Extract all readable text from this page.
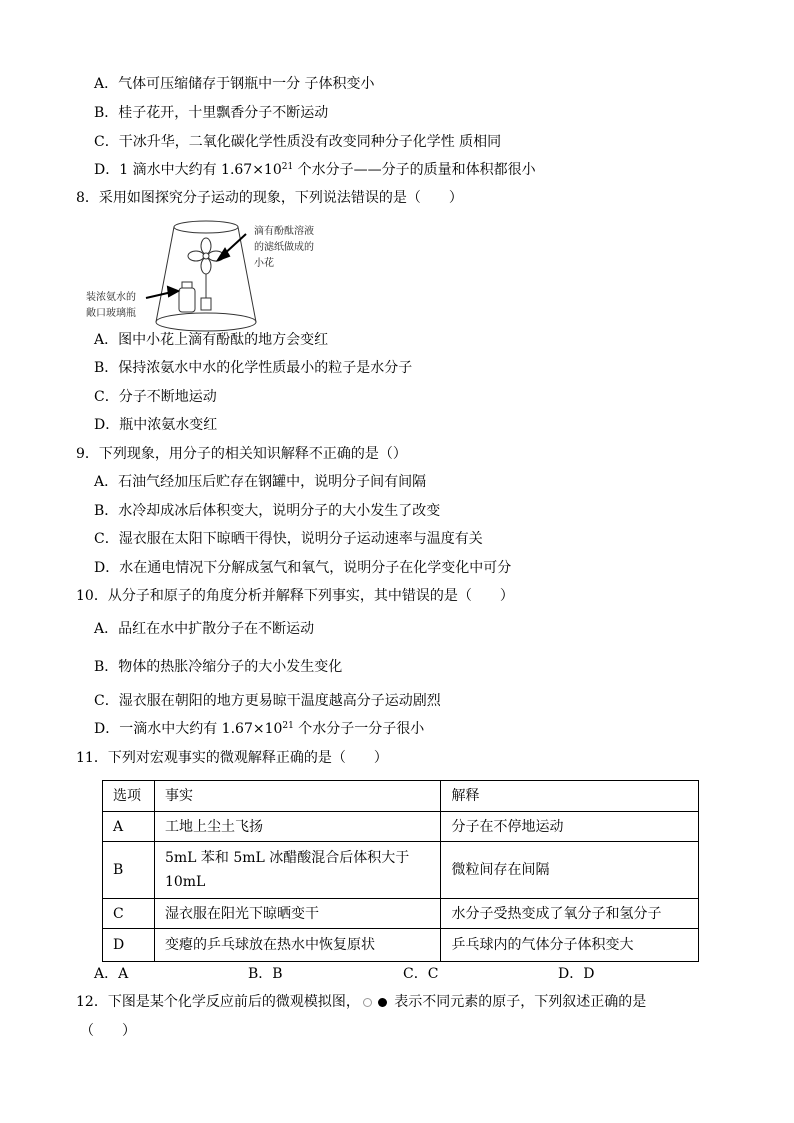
A．气体可压缩储存于钢瓶中一分 子体积变小
B．桂子花开，十里飘香分子不断运动
C．干冰升华，二氧化碳化学性质没有改变同种分子化学性 质相同
D．1 滴水中大约有 $1.67\times 10^{21}$ 个水分子——分子的质量和体积都很小
8．采用如图探究分子运动的现象，下列说法错误的是（　　）
滴有酚酞溶液
的滤纸做成的
小花
装浓氨水的
敞口玻璃瓶
A．图中小花上滴有酚酞的地方会变红
B．保持浓氨水中水的化学性质最小的粒子是水分子
C．分子不断地运动
D．瓶中浓氨水变红
9．下列现象，用分子的相关知识解释不正确的是（）
A．石油气经加压后贮存在钢罐中，说明分子间有间隔
B．水冷却成冰后体积变大，说明分子的大小发生了改变
C．湿衣服在太阳下晾晒干得快，说明分子运动速率与温度有关
D．水在通电情况下分解成氢气和氧气，说明分子在化学变化中可分
10．从分子和原子的角度分析并解释下列事实，其中错误的是（　　）
A．品红在水中扩散分子在不断运动
B．物体的热胀冷缩分子的大小发生变化
C．湿衣服在朝阳的地方更易晾干温度越高分子运动剧烈
D．一滴水中大约有 $1.67\times 10^{21}$ 个水分子一分子很小
11．下列对宏观事实的微观解释正确的是（　　）
选项	事实	解释
A	工地上尘土飞扬	分子在不停地运动
B	5mL 苯和 5mL 冰醋酸混合后体积大于
10mL	微粒间存在间隔
C	湿衣服在阳光下晾晒变干	水分子受热变成了氧分子和氢分子
D	变瘪的乒乓球放在热水中恢复原状	乒乓球内的气体分子体积变大
A．A	B．B	C．C	D．D
12．下图是某个化学反应前后的微观模拟图， 表示不同元素的原子，下列叙述正确的是
（　　）
